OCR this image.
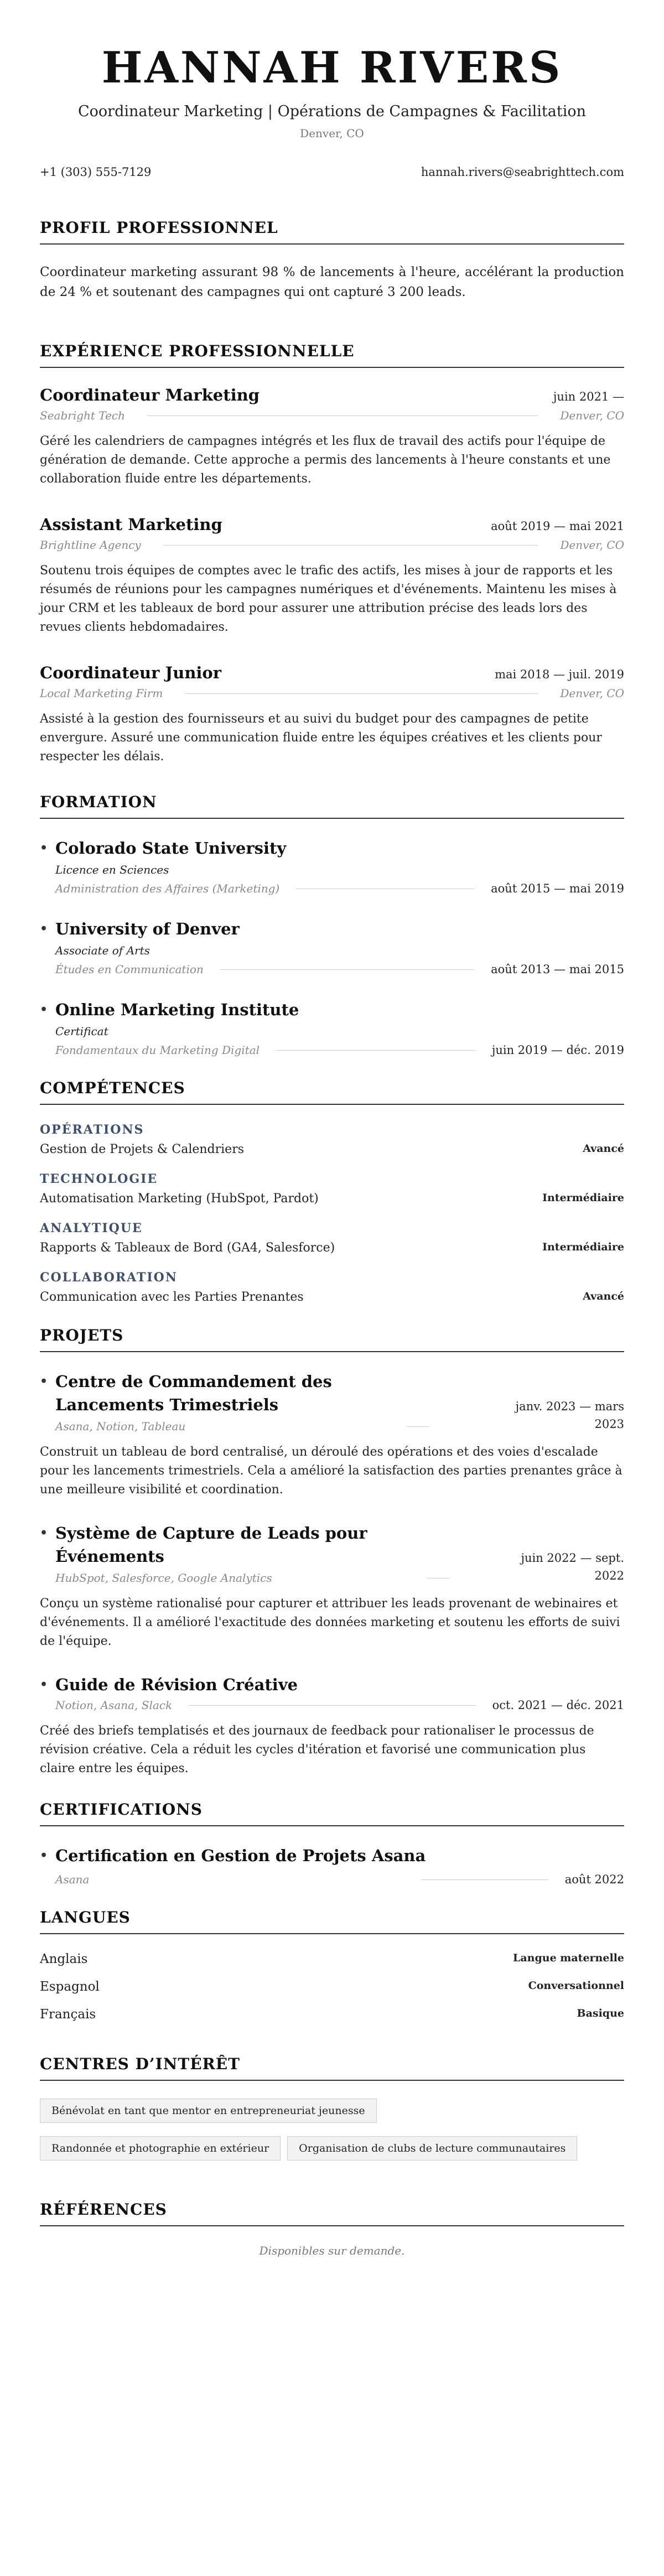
HANNAH RIVERS
Coordinateur Marketing | Opérations de Campagnes & Facilitation
Denver, CO
+1 (303) 555-7129	hannah.rivers@seabrighttech.com
PROFIL PROFESSIONNEL

Coordinateur marketing assurant 98 % de lancements à l'heure, accélérant la production de 24 % et soutenant des campagnes qui ont capturé 3 200 leads.

EXPÉRIENCE PROFESSIONNELLE
Coordinateur Marketing	juin 2021 —
Seabright Tech	Denver, CO
Géré les calendriers de campagnes intégrés et les flux de travail des actifs pour l'équipe de génération de demande. Cette approche a permis des lancements à l'heure constants et une collaboration fluide entre les départements.
Assistant Marketing	août 2019 — mai 2021
Brightline Agency	Denver, CO
Soutenu trois équipes de comptes avec le trafic des actifs, les mises à jour de rapports et les résumés de réunions pour les campagnes numériques et d'événements. Maintenu les mises à jour CRM et les tableaux de bord pour assurer une attribution précise des leads lors des revues clients hebdomadaires.
Coordinateur Junior	mai 2018 — juil. 2019
Local Marketing Firm	Denver, CO
Assisté à la gestion des fournisseurs et au suivi du budget pour des campagnes de petite envergure. Assuré une communication fluide entre les équipes créatives et les clients pour respecter les délais.
FORMATION
• Colorado State University
Licence en Sciences
Administration des Affaires (Marketing)	août 2015 — mai 2019
• University of Denver
Associate of Arts
Études en Communication	août 2013 — mai 2015
• Online Marketing Institute
Certificat
Fondamentaux du Marketing Digital	juin 2019 — déc. 2019
COMPÉTENCES
OPÉRATIONS
Gestion de Projets & Calendriers	Avancé
TECHNOLOGIE
Automatisation Marketing (HubSpot, Pardot)	Intermédiaire
ANALYTIQUE
Rapports & Tableaux de Bord (GA4, Salesforce)	Intermédiaire
COLLABORATION
Communication avec les Parties Prenantes	Avancé
PROJETS
• Centre de Commandement des Lancements Trimestriels	janv. 2023 — mars 2023
Asana, Notion, Tableau
Construit un tableau de bord centralisé, un déroulé des opérations et des voies d'escalade pour les lancements trimestriels. Cela a amélioré la satisfaction des parties prenantes grâce à une meilleure visibilité et coordination.
• Système de Capture de Leads pour Événements	juin 2022 — sept. 2022
HubSpot, Salesforce, Google Analytics
Conçu un système rationalisé pour capturer et attribuer les leads provenant de webinaires et d'événements. Il a amélioré l'exactitude des données marketing et soutenu les efforts de suivi de l'équipe.
• Guide de Révision Créative
Notion, Asana, Slack	oct. 2021 — déc. 2021
Créé des briefs templatisés et des journaux de feedback pour rationaliser le processus de révision créative. Cela a réduit les cycles d'itération et favorisé une communication plus claire entre les équipes.
CERTIFICATIONS
• Certification en Gestion de Projets Asana
Asana	août 2022
LANGUES
Anglais	Langue maternelle
Espagnol	Conversationnel
Français	Basique
CENTRES D’INTÉRÊT
Bénévolat en tant que mentor en entrepreneuriat jeunesse
Randonnée et photographie en extérieur	Organisation de clubs de lecture communautaires
RÉFÉRENCES
Disponibles sur demande.
